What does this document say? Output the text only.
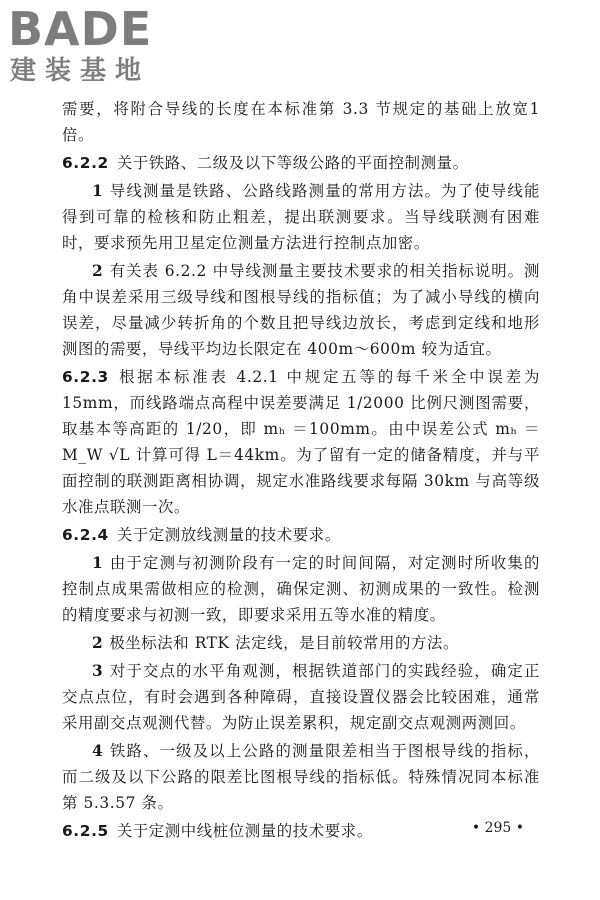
BADE
建装基地

需要，将附合导线的长度在本标准第 3.3 节规定的基础上放宽1倍。

6.2.2 关于铁路、二级及以下等级公路的平面控制测量。

1 导线测量是铁路、公路线路测量的常用方法。为了使导线能得到可靠的检核和防止粗差，提出联测要求。当导线联测有困难时，要求预先用卫星定位测量方法进行控制点加密。

2 有关表 6.2.2 中导线测量主要技术要求的相关指标说明。测角中误差采用三级导线和图根导线的指标值；为了减小导线的横向误差，尽量减少转折角的个数且把导线边放长，考虑到定线和地形测图的需要，导线平均边长限定在 400m～600m 较为适宜。

6.2.3 根据本标准表 4.2.1 中规定五等的每千米全中误差为 15mm，而线路端点高程中误差要满足 1/2000 比例尺测图需要，取基本等高距的 1/20，即 mₕ ＝100mm。由中误差公式 mₕ ＝ M_W √L 计算可得 L＝44km。为了留有一定的储备精度，并与平面控制的联测距离相协调，规定水准路线要求每隔 30km 与高等级水准点联测一次。

6.2.4 关于定测放线测量的技术要求。

1 由于定测与初测阶段有一定的时间间隔，对定测时所收集的控制点成果需做相应的检测，确保定测、初测成果的一致性。检测的精度要求与初测一致，即要求采用五等水准的精度。

2 极坐标法和 RTK 法定线，是目前较常用的方法。

3 对于交点的水平角观测，根据铁道部门的实践经验，确定正交点点位，有时会遇到各种障碍，直接设置仪器会比较困难，通常采用副交点观测代替。为防止误差累积，规定副交点观测两测回。

4 铁路、一级及以上公路的测量限差相当于图根导线的指标，而二级及以下公路的限差比图根导线的指标低。特殊情况同本标准第 5.3.57 条。

6.2.5 关于定测中线桩位测量的技术要求。	• 295 •
